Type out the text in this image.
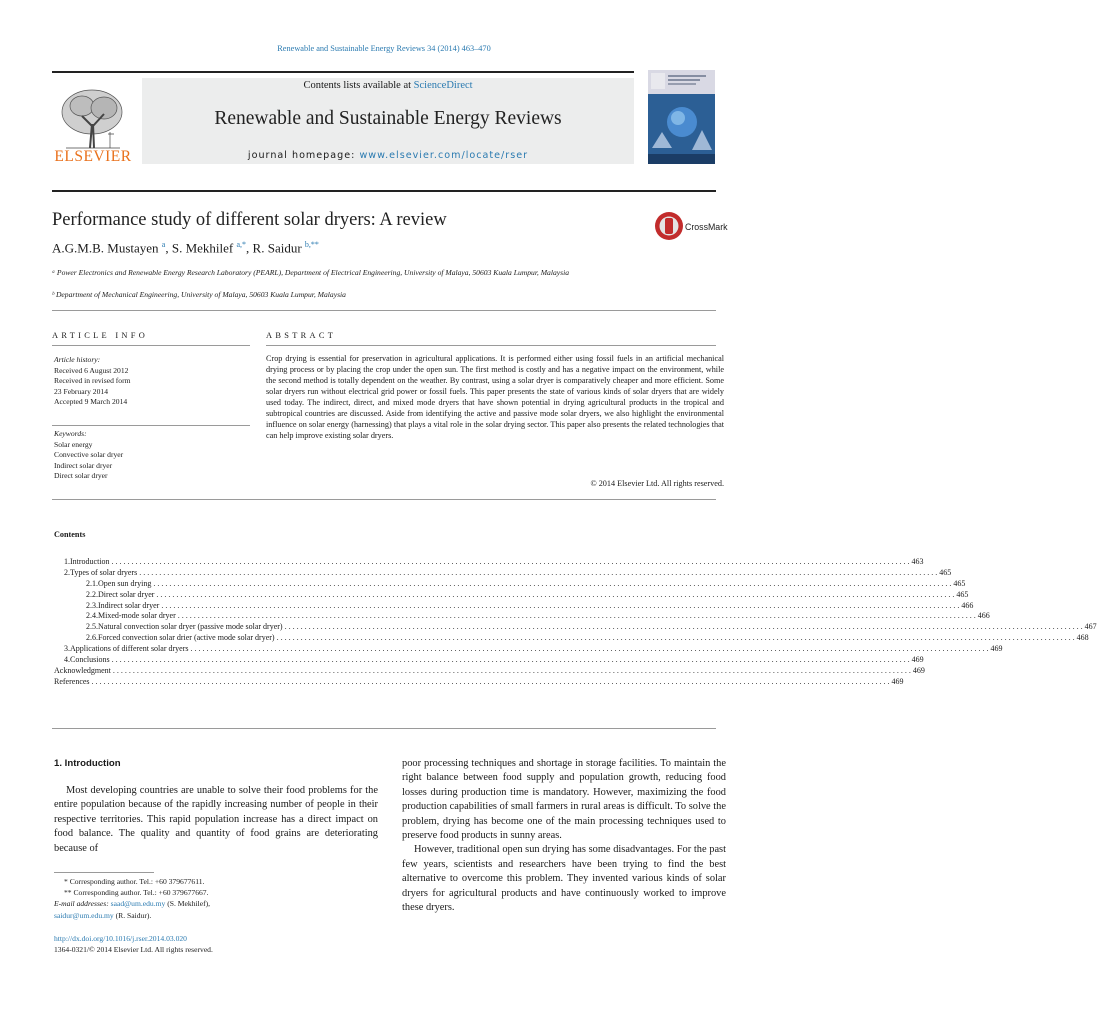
Renewable and Sustainable Energy Reviews 34 (2014) 463–470
ELSEVIER
Contents lists available at ScienceDirect
Renewable and Sustainable Energy Reviews
journal homepage: www.elsevier.com/locate/rser
Performance study of different solar dryers: A review
A.G.M.B. Mustayen $^a$, S. Mekhilef $^{a,*}$, R. Saidur $^{b,**}$
CrossMark
ᵃ Power Electronics and Renewable Energy Research Laboratory (PEARL), Department of Electrical Engineering, University of Malaya, 50603 Kuala Lumpur, Malaysia
ᵇ Department of Mechanical Engineering, University of Malaya, 50603 Kuala Lumpur, Malaysia
ARTICLE INFO	ABSTRACT
Article history:
Received 6 August 2012
Received in revised form
23 February 2014
Accepted 9 March 2014
Keywords:
Solar energy
Convective solar dryer
Indirect solar dryer
Direct solar dryer
Crop drying is essential for preservation in agricultural applications. It is performed either using fossil fuels in an artificial mechanical drying process or by placing the crop under the open sun. The first method is costly and has a negative impact on the environment, while the second method is totally dependent on the weather. By contrast, using a solar dryer is comparatively cheaper and more efficient. Some solar dryers run without electrical grid power or fossil fuels. This paper presents the state of various kinds of solar dryers that are widely used today. The indirect, direct, and mixed mode dryers that have shown potential in drying agricultural products in the tropical and subtropical countries are discussed. Aside from identifying the active and passive mode solar dryers, we also highlight the environmental influence on solar energy (harnessing) that plays a vital role in the solar drying sector. This paper also presents the related technologies that can help improve existing solar dryers.
© 2014 Elsevier Ltd. All rights reserved.
Contents
1. Introduction . . . . . . . . . . . . . . . . . . . . . . . . . . . . . . . . . . . . . . . . . . . . . . . . . . . . . . . . . . . . . . . . . . . . . . . . . . . . . . . . . . . . . . . . . . . . . . . . . . . . . . . . . . . . . . . . . . . . . . . . . . . . . . . . . . . . . . . . . . . . . . . . . . . . . . . . . . . . . . . . . . . . . . . . . . . . . . . . . . . . . . . . . . . . . . . . . . . . . . . . 463
2. Types of solar dryers . . . . . . . . . . . . . . . . . . . . . . . . . . . . . . . . . . . . . . . . . . . . . . . . . . . . . . . . . . . . . . . . . . . . . . . . . . . . . . . . . . . . . . . . . . . . . . . . . . . . . . . . . . . . . . . . . . . . . . . . . . . . . . . . . . . . . . . . . . . . . . . . . . . . . . . . . . . . . . . . . . . . . . . . . . . . . . . . . . . . . . . . . . . . . . . . . . . . . . . . 465
2.1. Open sun drying . . . . . . . . . . . . . . . . . . . . . . . . . . . . . . . . . . . . . . . . . . . . . . . . . . . . . . . . . . . . . . . . . . . . . . . . . . . . . . . . . . . . . . . . . . . . . . . . . . . . . . . . . . . . . . . . . . . . . . . . . . . . . . . . . . . . . . . . . . . . . . . . . . . . . . . . . . . . . . . . . . . . . . . . . . . . . . . . . . . . . . . . . . . . . . . . . . . . . . . . 465
2.2. Direct solar dryer . . . . . . . . . . . . . . . . . . . . . . . . . . . . . . . . . . . . . . . . . . . . . . . . . . . . . . . . . . . . . . . . . . . . . . . . . . . . . . . . . . . . . . . . . . . . . . . . . . . . . . . . . . . . . . . . . . . . . . . . . . . . . . . . . . . . . . . . . . . . . . . . . . . . . . . . . . . . . . . . . . . . . . . . . . . . . . . . . . . . . . . . . . . . . . . . . . . . . . . . 465
2.3. Indirect solar dryer . . . . . . . . . . . . . . . . . . . . . . . . . . . . . . . . . . . . . . . . . . . . . . . . . . . . . . . . . . . . . . . . . . . . . . . . . . . . . . . . . . . . . . . . . . . . . . . . . . . . . . . . . . . . . . . . . . . . . . . . . . . . . . . . . . . . . . . . . . . . . . . . . . . . . . . . . . . . . . . . . . . . . . . . . . . . . . . . . . . . . . . . . . . . . . . . . . . . . . . . 466
2.4. Mixed-mode solar dryer . . . . . . . . . . . . . . . . . . . . . . . . . . . . . . . . . . . . . . . . . . . . . . . . . . . . . . . . . . . . . . . . . . . . . . . . . . . . . . . . . . . . . . . . . . . . . . . . . . . . . . . . . . . . . . . . . . . . . . . . . . . . . . . . . . . . . . . . . . . . . . . . . . . . . . . . . . . . . . . . . . . . . . . . . . . . . . . . . . . . . . . . . . . . . . . . . . . . . . . . 466
2.5. Natural convection solar dryer (passive mode solar dryer) . . . . . . . . . . . . . . . . . . . . . . . . . . . . . . . . . . . . . . . . . . . . . . . . . . . . . . . . . . . . . . . . . . . . . . . . . . . . . . . . . . . . . . . . . . . . . . . . . . . . . . . . . . . . . . . . . . . . . . . . . . . . . . . . . . . . . . . . . . . . . . . . . . . . . . . . . . . . . . . . . . . . . . . . . . . . . . . . . . . . . . . . . . . . . . . . . . . . . . . . 467
2.6. Forced convection solar drier (active mode solar dryer) . . . . . . . . . . . . . . . . . . . . . . . . . . . . . . . . . . . . . . . . . . . . . . . . . . . . . . . . . . . . . . . . . . . . . . . . . . . . . . . . . . . . . . . . . . . . . . . . . . . . . . . . . . . . . . . . . . . . . . . . . . . . . . . . . . . . . . . . . . . . . . . . . . . . . . . . . . . . . . . . . . . . . . . . . . . . . . . . . . . . . . . . . . . . . . . . . . . . . . . . 468
3. Applications of different solar dryers . . . . . . . . . . . . . . . . . . . . . . . . . . . . . . . . . . . . . . . . . . . . . . . . . . . . . . . . . . . . . . . . . . . . . . . . . . . . . . . . . . . . . . . . . . . . . . . . . . . . . . . . . . . . . . . . . . . . . . . . . . . . . . . . . . . . . . . . . . . . . . . . . . . . . . . . . . . . . . . . . . . . . . . . . . . . . . . . . . . . . . . . . . . . . . . . . . . . . . . . 469
4. Conclusions . . . . . . . . . . . . . . . . . . . . . . . . . . . . . . . . . . . . . . . . . . . . . . . . . . . . . . . . . . . . . . . . . . . . . . . . . . . . . . . . . . . . . . . . . . . . . . . . . . . . . . . . . . . . . . . . . . . . . . . . . . . . . . . . . . . . . . . . . . . . . . . . . . . . . . . . . . . . . . . . . . . . . . . . . . . . . . . . . . . . . . . . . . . . . . . . . . . . . . . . 469
Acknowledgment . . . . . . . . . . . . . . . . . . . . . . . . . . . . . . . . . . . . . . . . . . . . . . . . . . . . . . . . . . . . . . . . . . . . . . . . . . . . . . . . . . . . . . . . . . . . . . . . . . . . . . . . . . . . . . . . . . . . . . . . . . . . . . . . . . . . . . . . . . . . . . . . . . . . . . . . . . . . . . . . . . . . . . . . . . . . . . . . . . . . . . . . . . . . . . . . . . . . . . . . 469
References . . . . . . . . . . . . . . . . . . . . . . . . . . . . . . . . . . . . . . . . . . . . . . . . . . . . . . . . . . . . . . . . . . . . . . . . . . . . . . . . . . . . . . . . . . . . . . . . . . . . . . . . . . . . . . . . . . . . . . . . . . . . . . . . . . . . . . . . . . . . . . . . . . . . . . . . . . . . . . . . . . . . . . . . . . . . . . . . . . . . . . . . . . . . . . . . . . . . . . . . 469
1. Introduction
Most developing countries are unable to solve their food problems for the entire population because of the rapidly increasing number of people in their respective territories. This rapid population increase has a direct impact on food balance. The quality and quantity of food grains are deteriorating because of

poor processing techniques and shortage in storage facilities. To maintain the right balance between food supply and population growth, reducing food losses during production time is mandatory. However, maximizing the food production capabilities of small farmers in rural areas is difficult. To solve the problem, drying has become one of the main processing techniques used to preserve food products in sunny areas.

However, traditional open sun drying has some disadvantages. For the past few years, scientists and researchers have been trying to find the best alternative to overcome this problem. They invented various kinds of solar dryers for agricultural products and have continuously worked to improve these dryers.

* Corresponding author. Tel.: +60 379677611.
** Corresponding author. Tel.: +60 379677667.
E-mail addresses: saad@um.edu.my (S. Mekhilef),
saidur@um.edu.my (R. Saidur).
http://dx.doi.org/10.1016/j.rser.2014.03.020
1364-0321/© 2014 Elsevier Ltd. All rights reserved.
